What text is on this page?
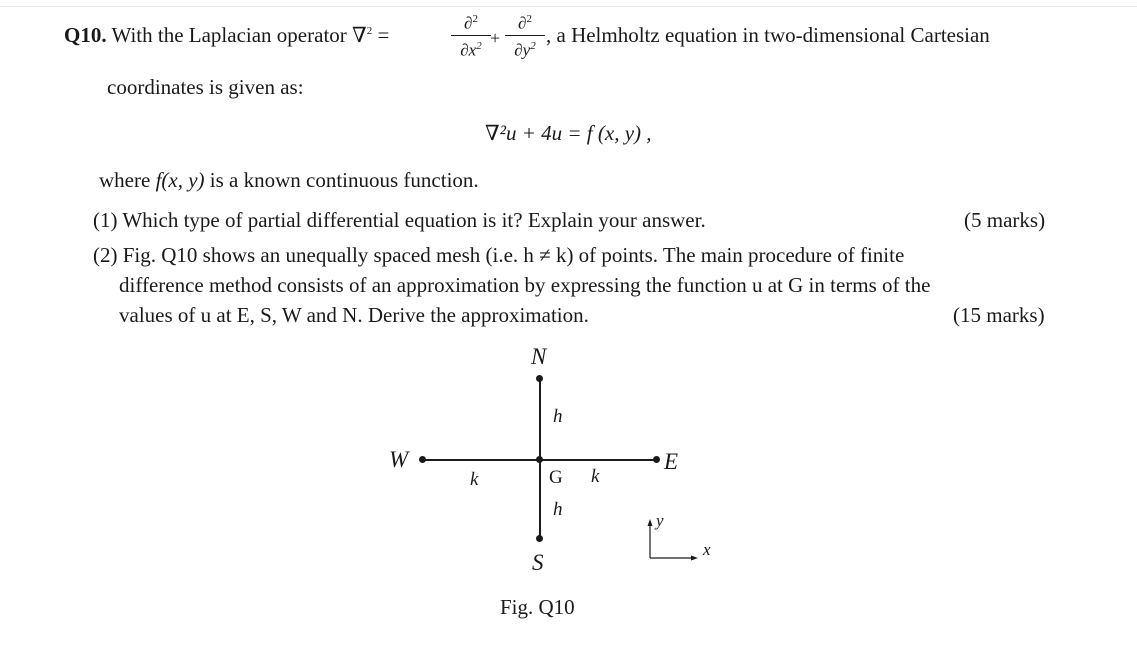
Q10. With the Laplacian operator ∇$^2$ =	∂$^2$
$\partial x^2$ +
∂$^2$
$\partial y^2$ , a Helmholtz equation in two-dimensional Cartesian
coordinates is given as:
∇²u + 4u = f (x, y) ,
where f(x, y) is a known continuous function.
(1) Which type of partial differential equation is it? Explain your answer.	(5 marks)
(2) Fig. Q10 shows an unequally spaced mesh (i.e. h ≠ k) of points. The main procedure of finite
difference method consists of an approximation by expressing the function u at G in terms of the
values of u at E, S, W and N. Derive the approximation.	(15 marks)
N
S
W	E
G
h
h
k	k
y
x
Fig. Q10
